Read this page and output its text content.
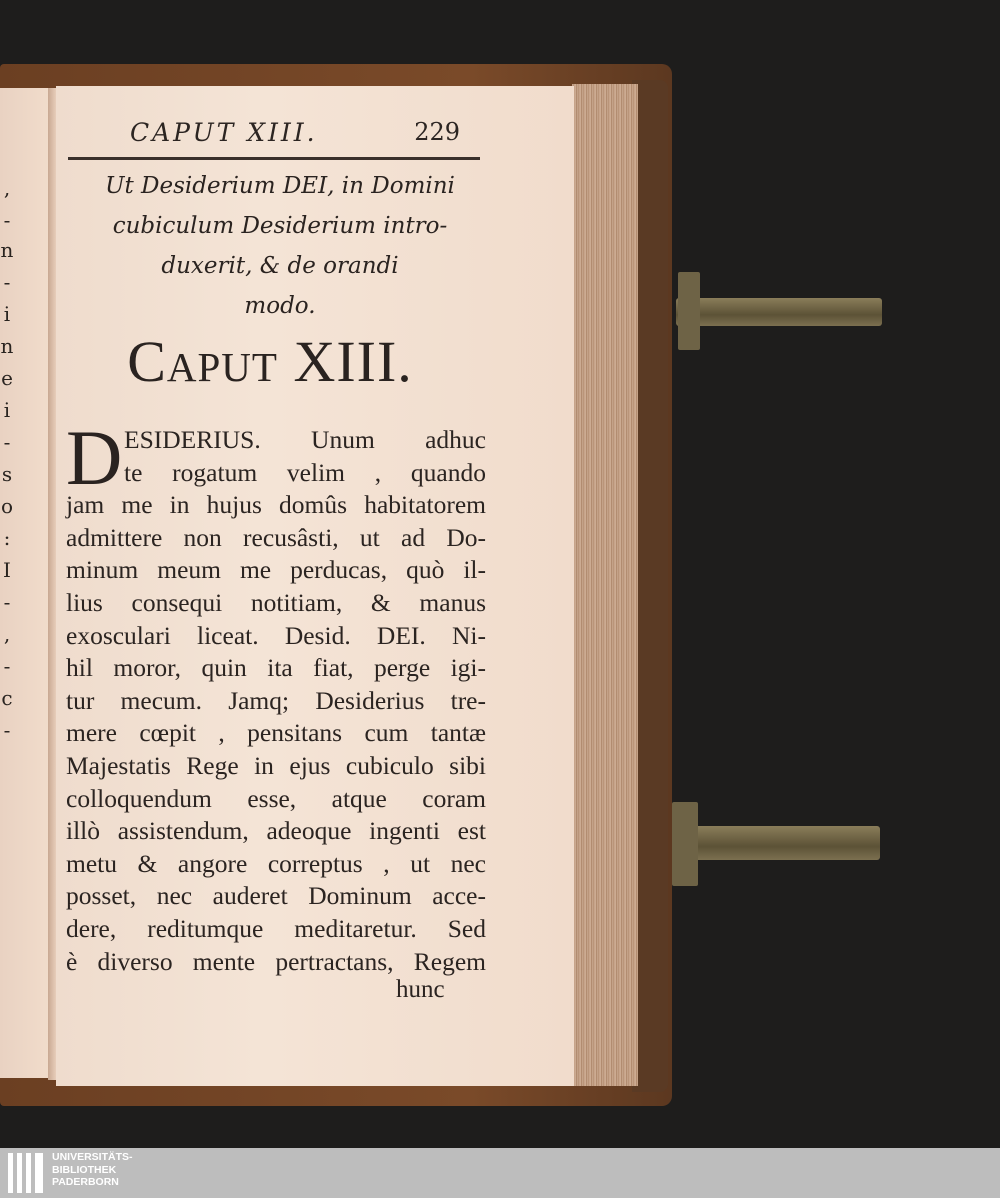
,
-
n
-
i
n
e
i
-
s
o
:
I
-
,
-
c
-
CAPUT XIII.	229
Ut Desiderium DEI, in Domini
cubiculum Desiderium intro-
duxerit, & de orandi
modo.
Caput XIII.
D ESIDERIUS. Unum adhuc
te rogatum velim , quando
jam me in hujus domûs habitatorem
admittere non recusâsti, ut ad Do-
minum meum me perducas, quò il-
lius consequi notitiam, & manus
exosculari liceat. Desid. DEI. Ni-
hil moror, quin ita fiat, perge igi-
tur mecum. Jamq; Desiderius tre-
mere cœpit , pensitans cum tantæ
Majestatis Rege in ejus cubiculo sibi
colloquendum esse, atque coram
illò assistendum, adeoque ingenti est
metu & angore correptus , ut nec
posset, nec auderet Dominum acce-
dere, reditumque meditaretur. Sed
è diverso mente pertractans, Regem
hunc
UNIVERSITÄTS-
BIBLIOTHEK
PADERBORN
